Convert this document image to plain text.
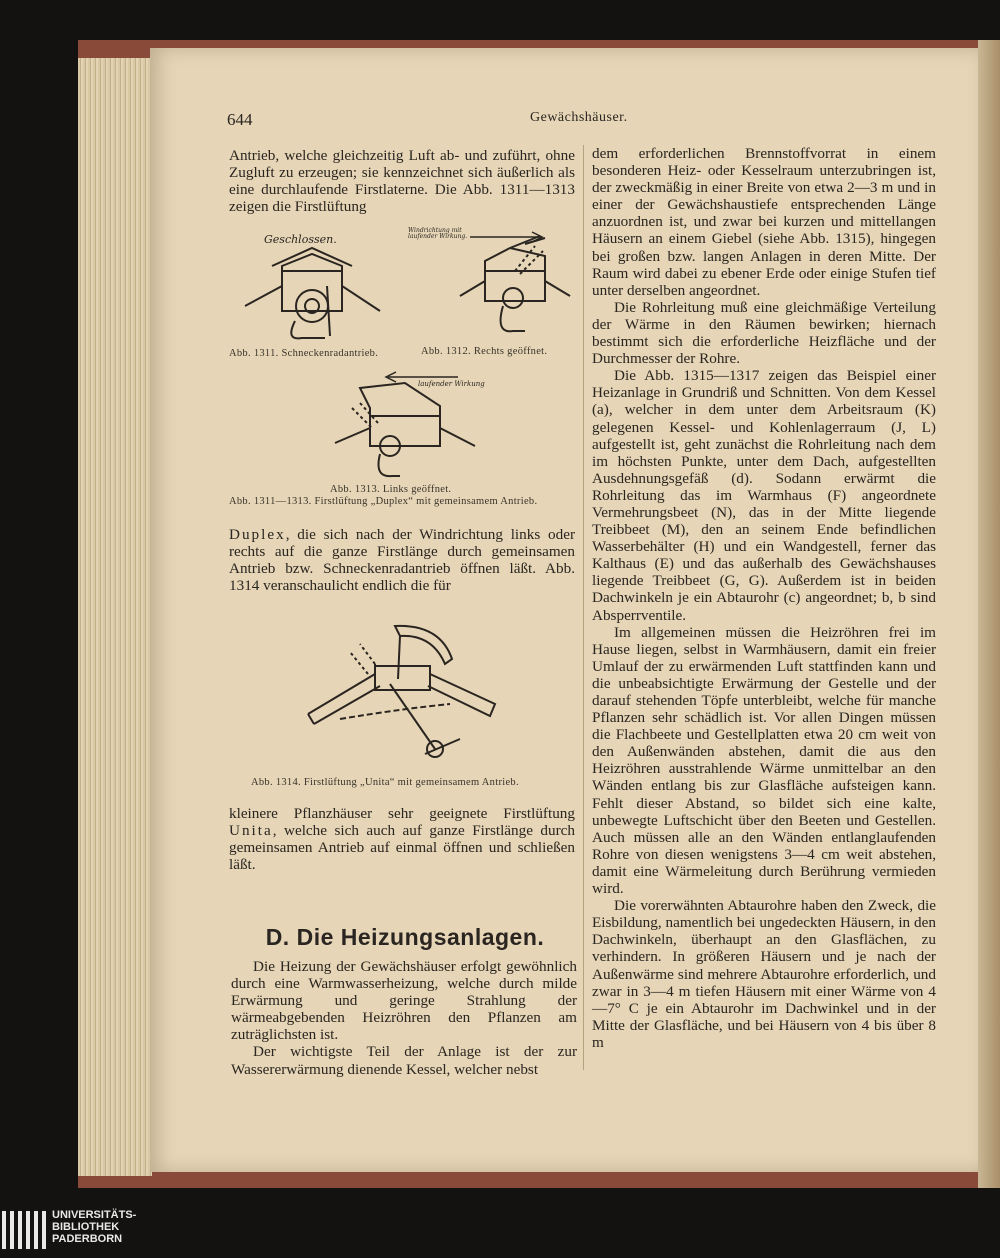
644	Gewächshäuser.

Antrieb, welche gleichzeitig Luft ab- und zuführt, ohne Zugluft zu erzeugen; sie kennzeichnet sich äußerlich als eine durchlaufende Firstlaterne. Die Abb. 1311—1313 zeigen die Firstlüftung

Abb. 1311. Schneckenradantrieb.	Abb. 1312. Rechts geöffnet.
Geschlossen.
Windrichtung mit laufender Wirkung.
laufender Wirkung
Abb. 1313. Links geöffnet.
Abb. 1311—1313. Firstlüftung „Duplex“ mit gemeinsamem Antrieb.

Duplex, die sich nach der Windrichtung links oder rechts auf die ganze Firstlänge durch gemeinsamen Antrieb bzw. Schneckenradantrieb öffnen läßt. Abb. 1314 veranschaulicht endlich die für

Abb. 1314. Firstlüftung „Unita“ mit gemeinsamem Antrieb.

kleinere Pflanzhäuser sehr geeignete Firstlüftung Unita, welche sich auch auf ganze Firstlänge durch gemeinsamen Antrieb auf einmal öffnen und schließen läßt.

D. Die Heizungsanlagen.

Die Heizung der Gewächshäuser erfolgt gewöhnlich durch eine Warmwasserheizung, welche durch milde Erwärmung und geringe Strahlung der wärmeabgebenden Heizröhren den Pflanzen am zuträglichsten ist.

Der wichtigste Teil der Anlage ist der zur Wassererwärmung dienende Kessel, welcher nebst

dem erforderlichen Brennstoffvorrat in einem besonderen Heiz- oder Kesselraum unterzubringen ist, der zweckmäßig in einer Breite von etwa 2—3 m und in einer der Gewächshaustiefe entsprechenden Länge anzuordnen ist, und zwar bei kurzen und mittellangen Häusern an einem Giebel (siehe Abb. 1315), hingegen bei großen bzw. langen Anlagen in deren Mitte. Der Raum wird dabei zu ebener Erde oder einige Stufen tief unter derselben angeordnet.

Die Rohrleitung muß eine gleichmäßige Verteilung der Wärme in den Räumen bewirken; hiernach bestimmt sich die erforderliche Heizfläche und der Durchmesser der Rohre.

Die Abb. 1315—1317 zeigen das Beispiel einer Heizanlage in Grundriß und Schnitten. Von dem Kessel (a), welcher in dem unter dem Arbeitsraum (K) gelegenen Kessel- und Kohlenlagerraum (J, L) aufgestellt ist, geht zunächst die Rohrleitung nach dem im höchsten Punkte, unter dem Dach, aufgestellten Ausdehnungsgefäß (d). Sodann erwärmt die Rohrleitung das im Warmhaus (F) angeordnete Vermehrungsbeet (N), das in der Mitte liegende Treibbeet (M), den an seinem Ende befindlichen Wasserbehälter (H) und ein Wandgestell, ferner das Kalthaus (E) und das außerhalb des Gewächshauses liegende Treibbeet (G, G). Außerdem ist in beiden Dachwinkeln je ein Abtaurohr (c) angeordnet; b, b sind Absperrventile.

Im allgemeinen müssen die Heizröhren frei im Hause liegen, selbst in Warmhäusern, damit ein freier Umlauf der zu erwärmenden Luft stattfinden kann und die unbeabsichtigte Erwärmung der Gestelle und der darauf stehenden Töpfe unterbleibt, welche für manche Pflanzen sehr schädlich ist. Vor allen Dingen müssen die Flachbeete und Gestellplatten etwa 20 cm weit von den Außenwänden abstehen, damit die aus den Heizröhren ausstrahlende Wärme unmittelbar an den Wänden entlang bis zur Glasfläche aufsteigen kann. Fehlt dieser Abstand, so bildet sich eine kalte, unbewegte Luftschicht über den Beeten und Gestellen. Auch müssen alle an den Wänden entlanglaufenden Rohre von diesen wenigstens 3—4 cm weit abstehen, damit eine Wärmeleitung durch Berührung vermieden wird.

Die vorerwähnten Abtaurohre haben den Zweck, die Eisbildung, namentlich bei ungedeckten Häusern, in den Dachwinkeln, überhaupt an den Glasflächen, zu verhindern. In größeren Häusern und je nach der Außenwärme sind mehrere Abtaurohre erforderlich, und zwar in 3—4 m tiefen Häusern mit einer Wärme von 4—7° C je ein Abtaurohr im Dachwinkel und in der Mitte der Glasfläche, und bei Häusern von 4 bis über 8 m

UNIVERSITÄTS-
BIBLIOTHEK
PADERBORN
